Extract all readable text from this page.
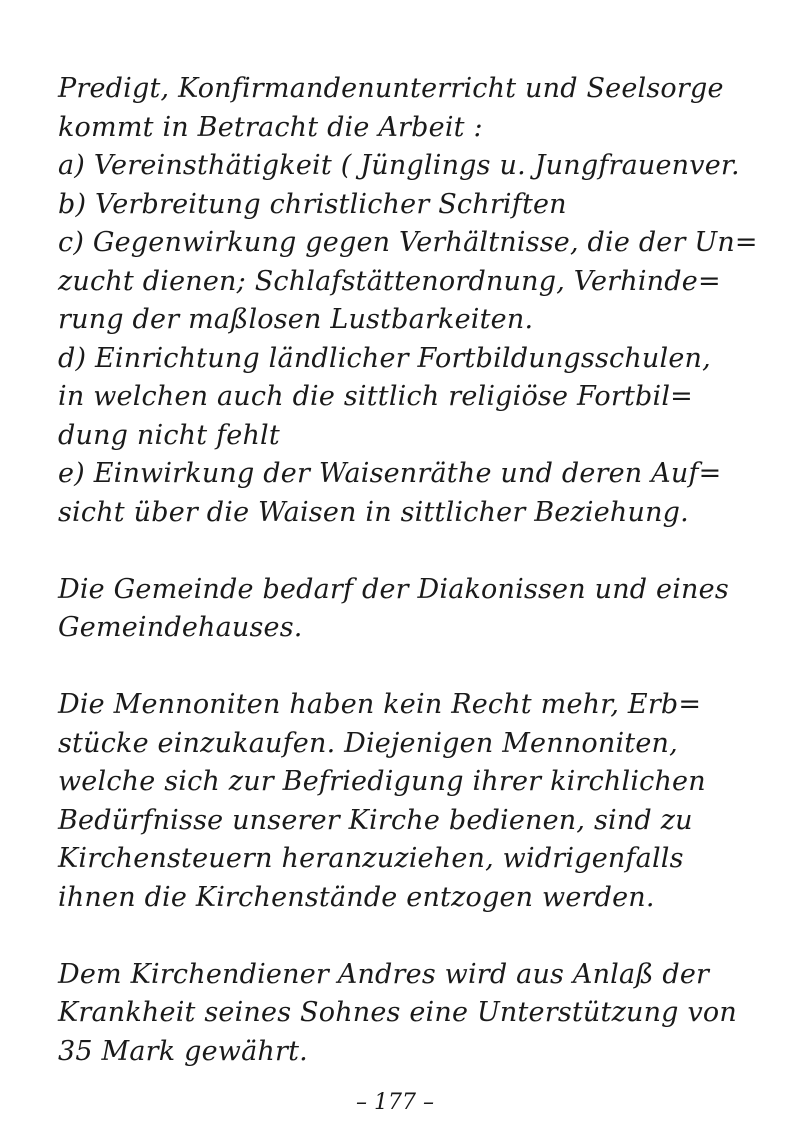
Predigt, Konfirmandenunterricht und Seelsorge
kommt in Betracht die Arbeit :
a) Vereinsthätigkeit ( Jünglings u. Jungfrauenver.
b) Verbreitung christlicher Schriften
c) Gegenwirkung gegen Verhältnisse, die der Un=
zucht dienen; Schlafstättenordnung, Verhinde=
rung der maßlosen Lustbarkeiten.
d) Einrichtung ländlicher Fortbildungsschulen,
in welchen auch die sittlich religiöse Fortbil=
dung nicht fehlt
e) Einwirkung der Waisenräthe und deren Auf=
sicht über die Waisen in sittlicher Beziehung.
Die Gemeinde bedarf der Diakonissen und eines
Gemeindehauses.
Die Mennoniten haben kein Recht mehr, Erb=
stücke einzukaufen. Diejenigen Mennoniten,
welche sich zur Befriedigung ihrer kirchlichen
Bedürfnisse unserer Kirche bedienen, sind zu
Kirchensteuern heranzuziehen, widrigenfalls
ihnen die Kirchenstände entzogen werden.
Dem Kirchendiener Andres wird aus Anlaß der
Krankheit seines Sohnes eine Unterstützung von
35 Mark gewährt.
– 177 –
